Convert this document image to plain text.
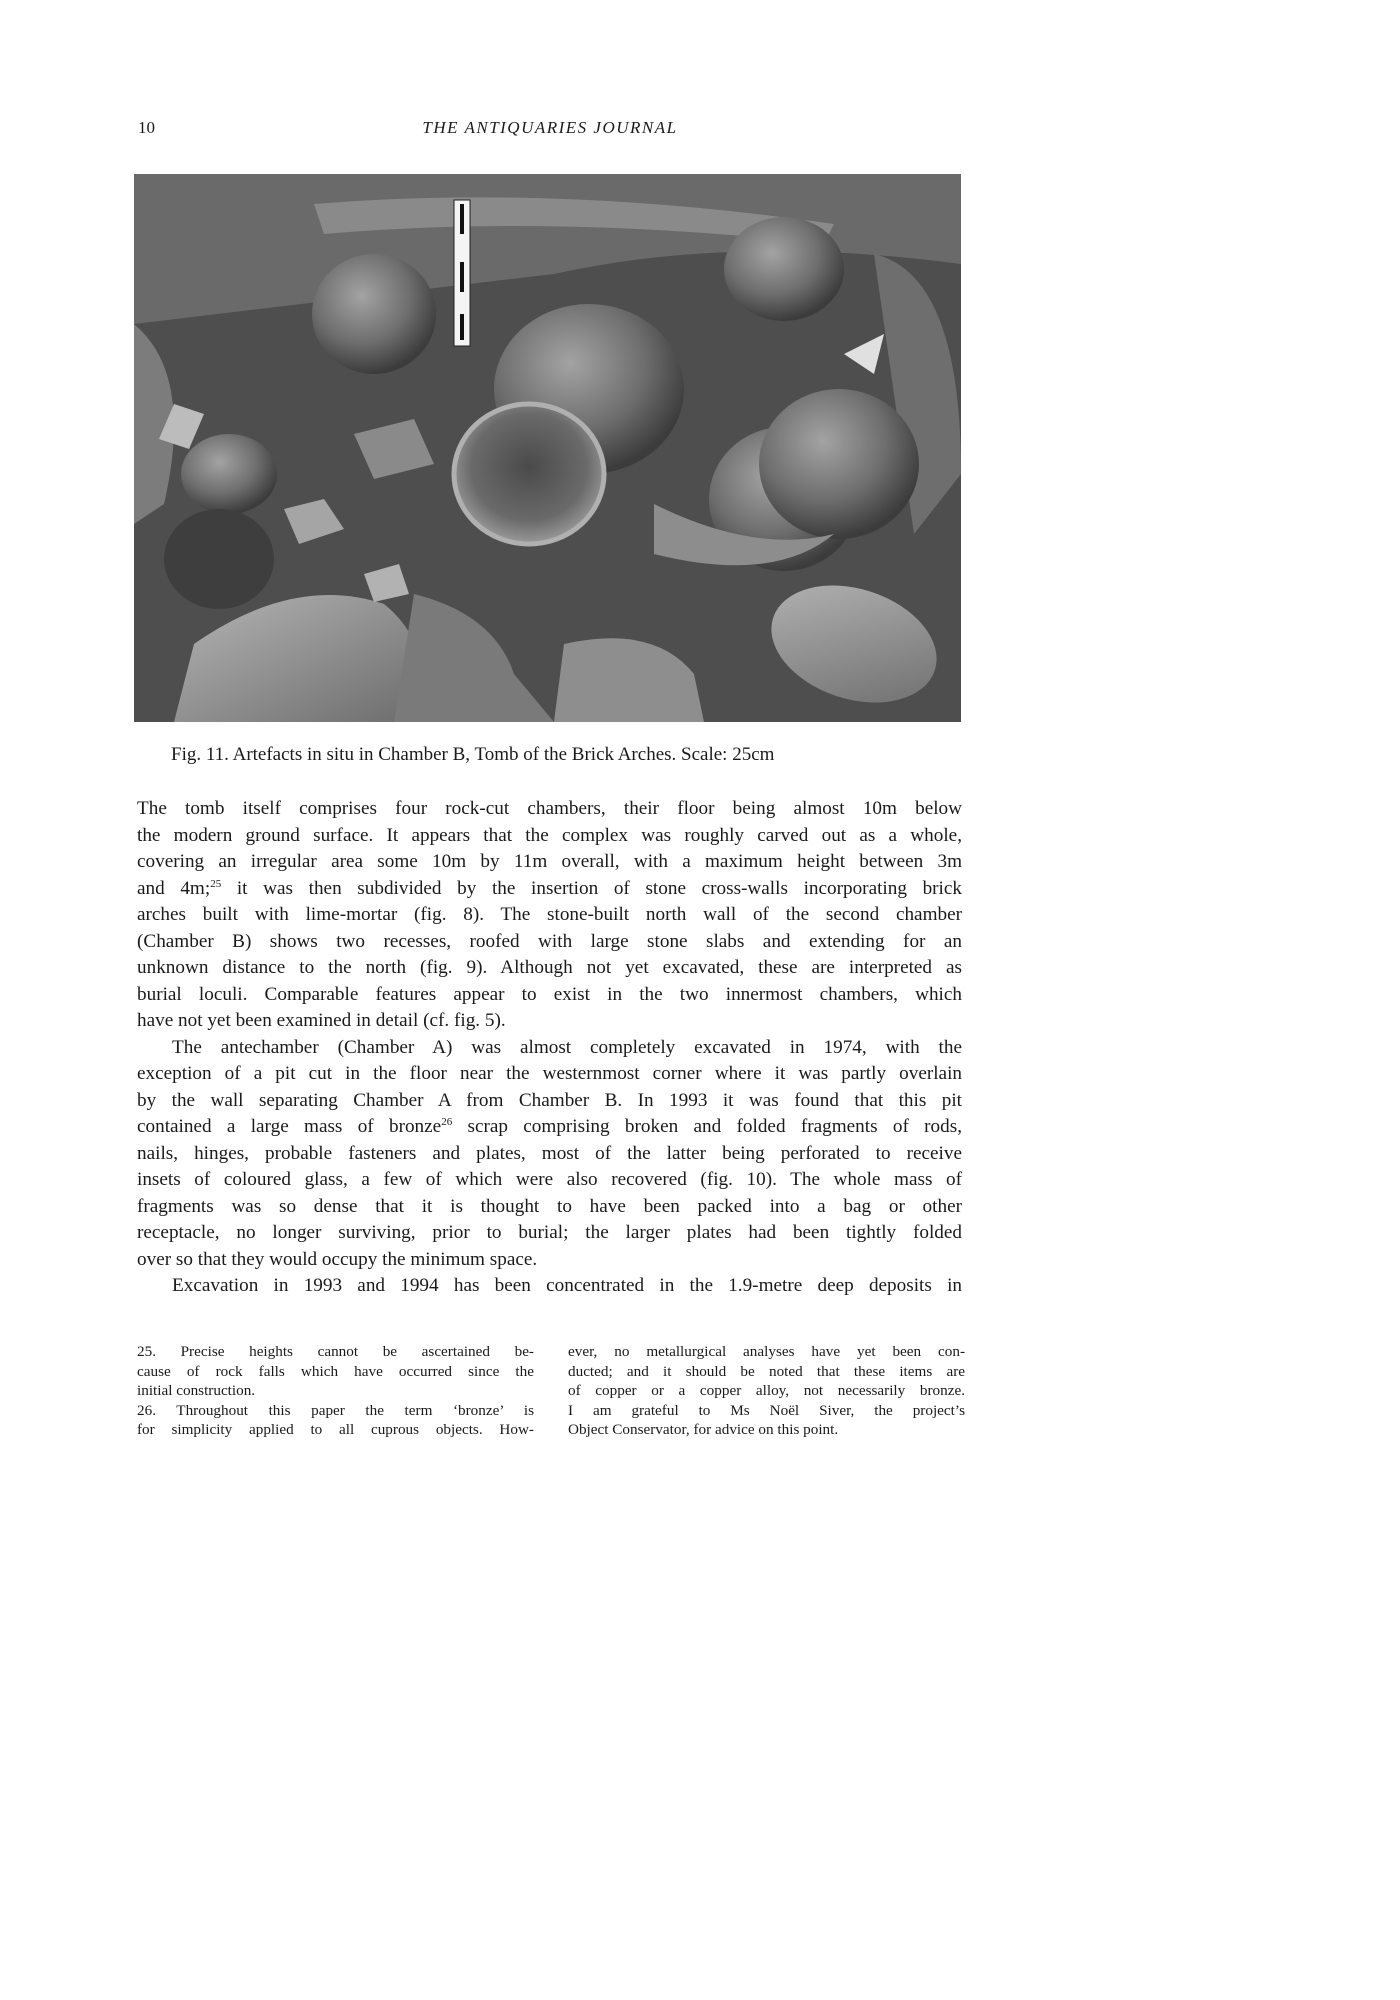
10	THE ANTIQUARIES JOURNAL
Fig. 11. Artefacts in situ in Chamber B, Tomb of the Brick Arches. Scale: 25cm
The tomb itself comprises four rock-cut chambers, their floor being almost 10m below
the modern ground surface. It appears that the complex was roughly carved out as a whole,
covering an irregular area some 10m by 11m overall, with a maximum height between 3m
and 4m;$^{25}$ it was then subdivided by the insertion of stone cross-walls incorporating brick
arches built with lime-mortar (fig. 8). The stone-built north wall of the second chamber
(Chamber B) shows two recesses, roofed with large stone slabs and extending for an
unknown distance to the north (fig. 9). Although not yet excavated, these are interpreted as
burial loculi. Comparable features appear to exist in the two innermost chambers, which
have not yet been examined in detail (cf. fig. 5).
The antechamber (Chamber A) was almost completely excavated in 1974, with the
exception of a pit cut in the floor near the westernmost corner where it was partly overlain
by the wall separating Chamber A from Chamber B. In 1993 it was found that this pit
contained a large mass of bronze$^{26}$ scrap comprising broken and folded fragments of rods,
nails, hinges, probable fasteners and plates, most of the latter being perforated to receive
insets of coloured glass, a few of which were also recovered (fig. 10). The whole mass of
fragments was so dense that it is thought to have been packed into a bag or other
receptacle, no longer surviving, prior to burial; the larger plates had been tightly folded
over so that they would occupy the minimum space.
Excavation in 1993 and 1994 has been concentrated in the 1.9-metre deep deposits in
25. Precise heights cannot be ascertained be-
cause of rock falls which have occurred since the
initial construction.
26. Throughout this paper the term ‘bronze’ is
for simplicity applied to all cuprous objects. How-
ever, no metallurgical analyses have yet been con-
ducted; and it should be noted that these items are
of copper or a copper alloy, not necessarily bronze.
I am grateful to Ms Noël Siver, the project’s
Object Conservator, for advice on this point.
